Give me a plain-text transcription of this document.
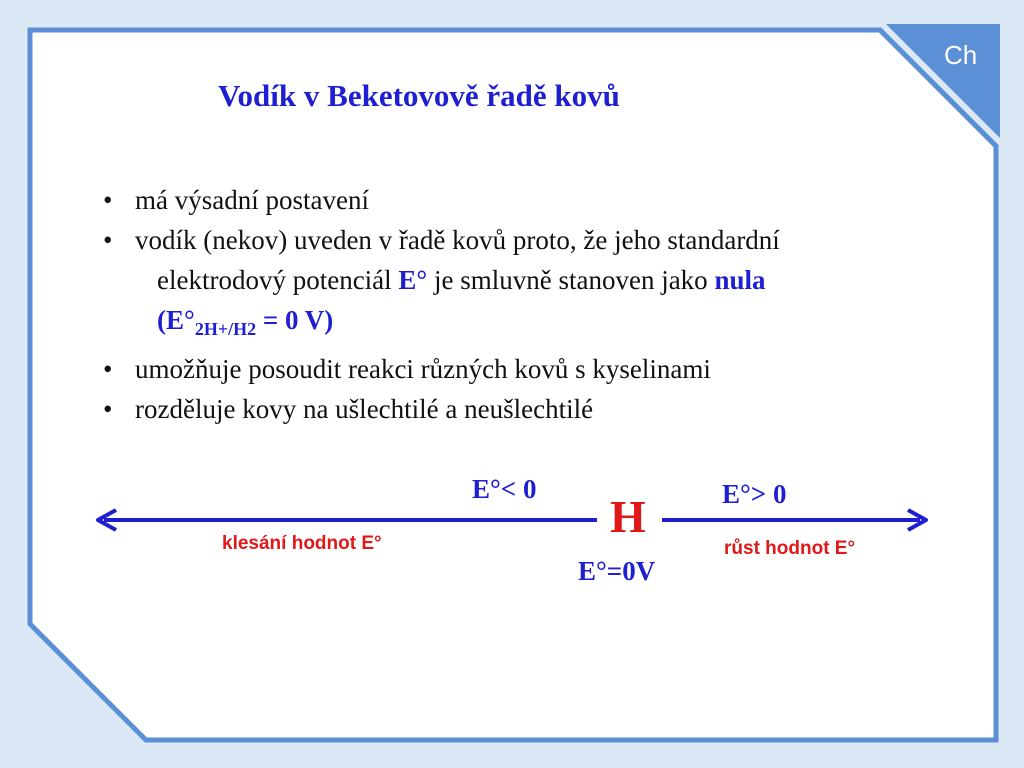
Ch
Vodík v Beketovově řadě kovů
• má výsadní postavení
• vodík (nekov) uveden v řadě kovů proto, že jeho standardní
elektrodový potenciál E° je smluvně stanoven jako nula
($E^\circ_{2H+/H2} = 0$ V)
• umožňuje posoudit reakci různých kovů s kyselinami
• rozděluje kovy na ušlechtilé a neušlechtilé
E°< 0	E°> 0
H
E°=0V
klesání hodnot E°	růst hodnot E°
